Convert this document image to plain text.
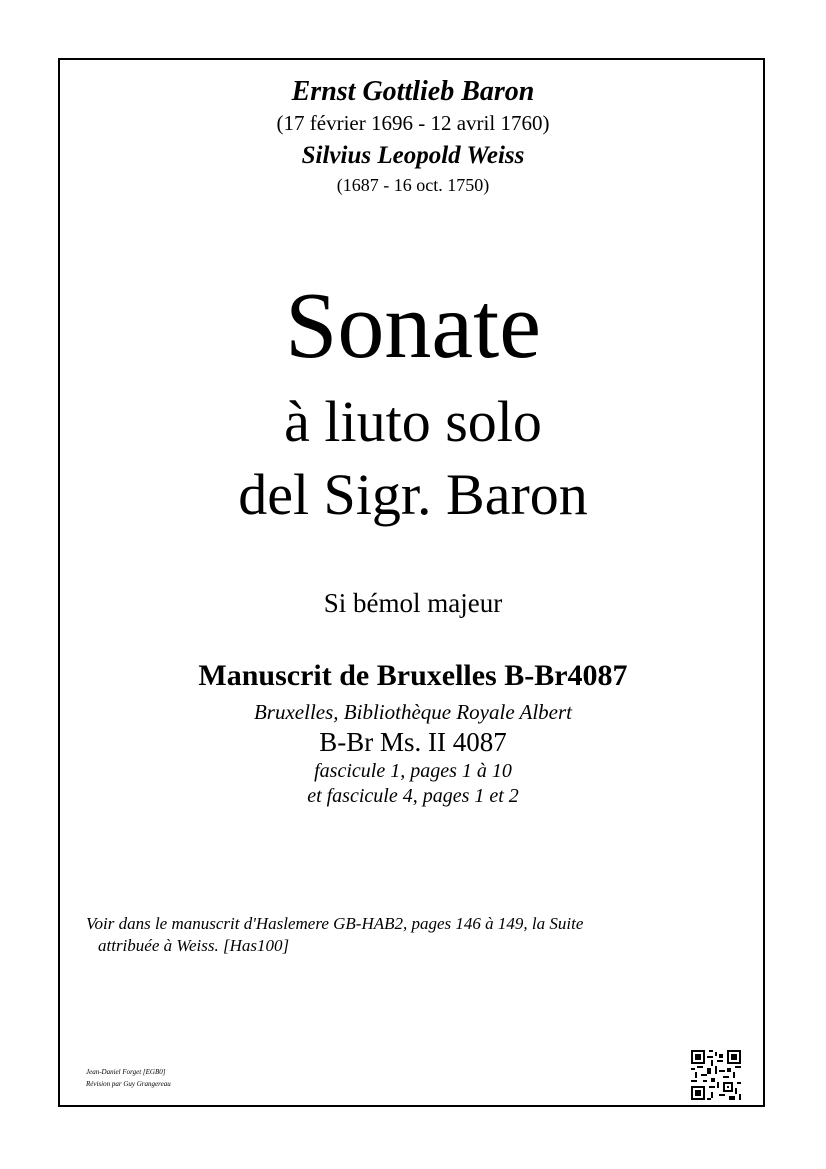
Ernst Gottlieb Baron
(17 février 1696 - 12 avril 1760)
Silvius Leopold Weiss
(1687 - 16 oct. 1750)
Sonate
à liuto solo
del Sigr. Baron
Si bémol majeur
Manuscrit de Bruxelles B-Br4087
Bruxelles, Bibliothèque Royale Albert
B-Br Ms. II 4087
fascicule 1, pages 1 à 10
et fascicule 4, pages 1 et 2
Voir dans le manuscrit d'Haslemere GB-HAB2, pages 146 à 149, la Suite
attribuée à Weiss. [Has100]
Jean-Daniel Forget [EGB0]
Révision par Guy Grangereau
